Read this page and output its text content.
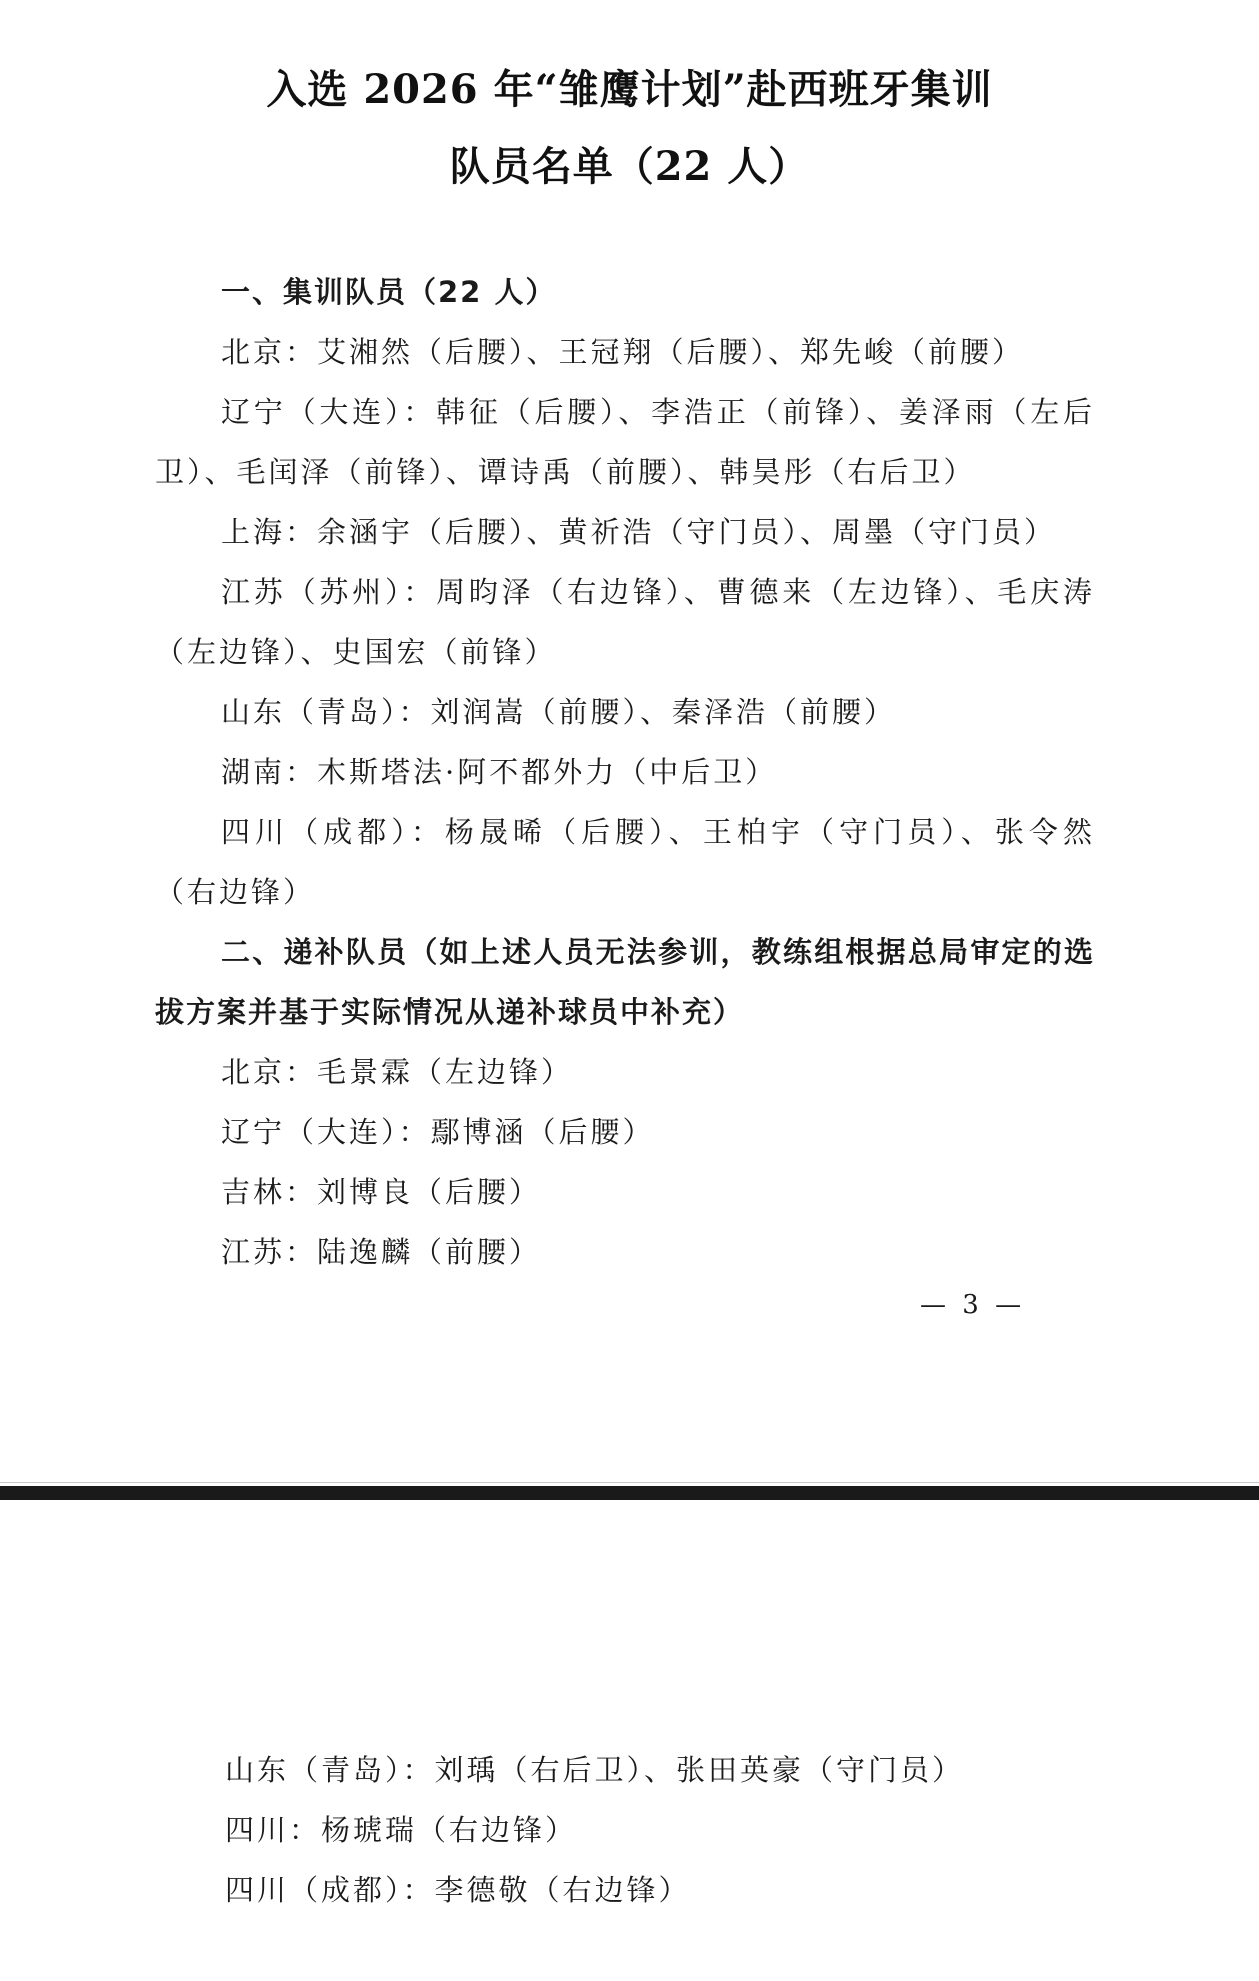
入选 2026 年“雏鹰计划”赴西班牙集训
队员名单（22 人）

一、集训队员（22 人）

北京：艾湘然（后腰）、王冠翔（后腰）、郑先峻（前腰）

辽宁（大连）：韩征（后腰）、李浩正（前锋）、姜泽雨（左后卫）、毛闰泽（前锋）、谭诗禹（前腰）、韩昊彤（右后卫）

上海：余涵宇（后腰）、黄祈浩（守门员）、周墨（守门员）

江苏（苏州）：周昀泽（右边锋）、曹德来（左边锋）、毛庆涛（左边锋）、史国宏（前锋）

山东（青岛）：刘润嵩（前腰）、秦泽浩（前腰）

湖南：木斯塔法·阿不都外力（中后卫）

四川（成都）：杨晟晞（后腰）、王柏宇（守门员）、张令然（右边锋）

二、递补队员（如上述人员无法参训，教练组根据总局审定的选拔方案并基于实际情况从递补球员中补充）

北京：毛景霖（左边锋）

辽宁（大连）：鄢博涵（后腰）

吉林：刘博良（后腰）

江苏：陆逸麟（前腰）

— 3 —

山东（青岛）：刘瑀（右后卫）、张田英豪（守门员）

四川：杨琥瑞（右边锋）

四川（成都）：李德敬（右边锋）
